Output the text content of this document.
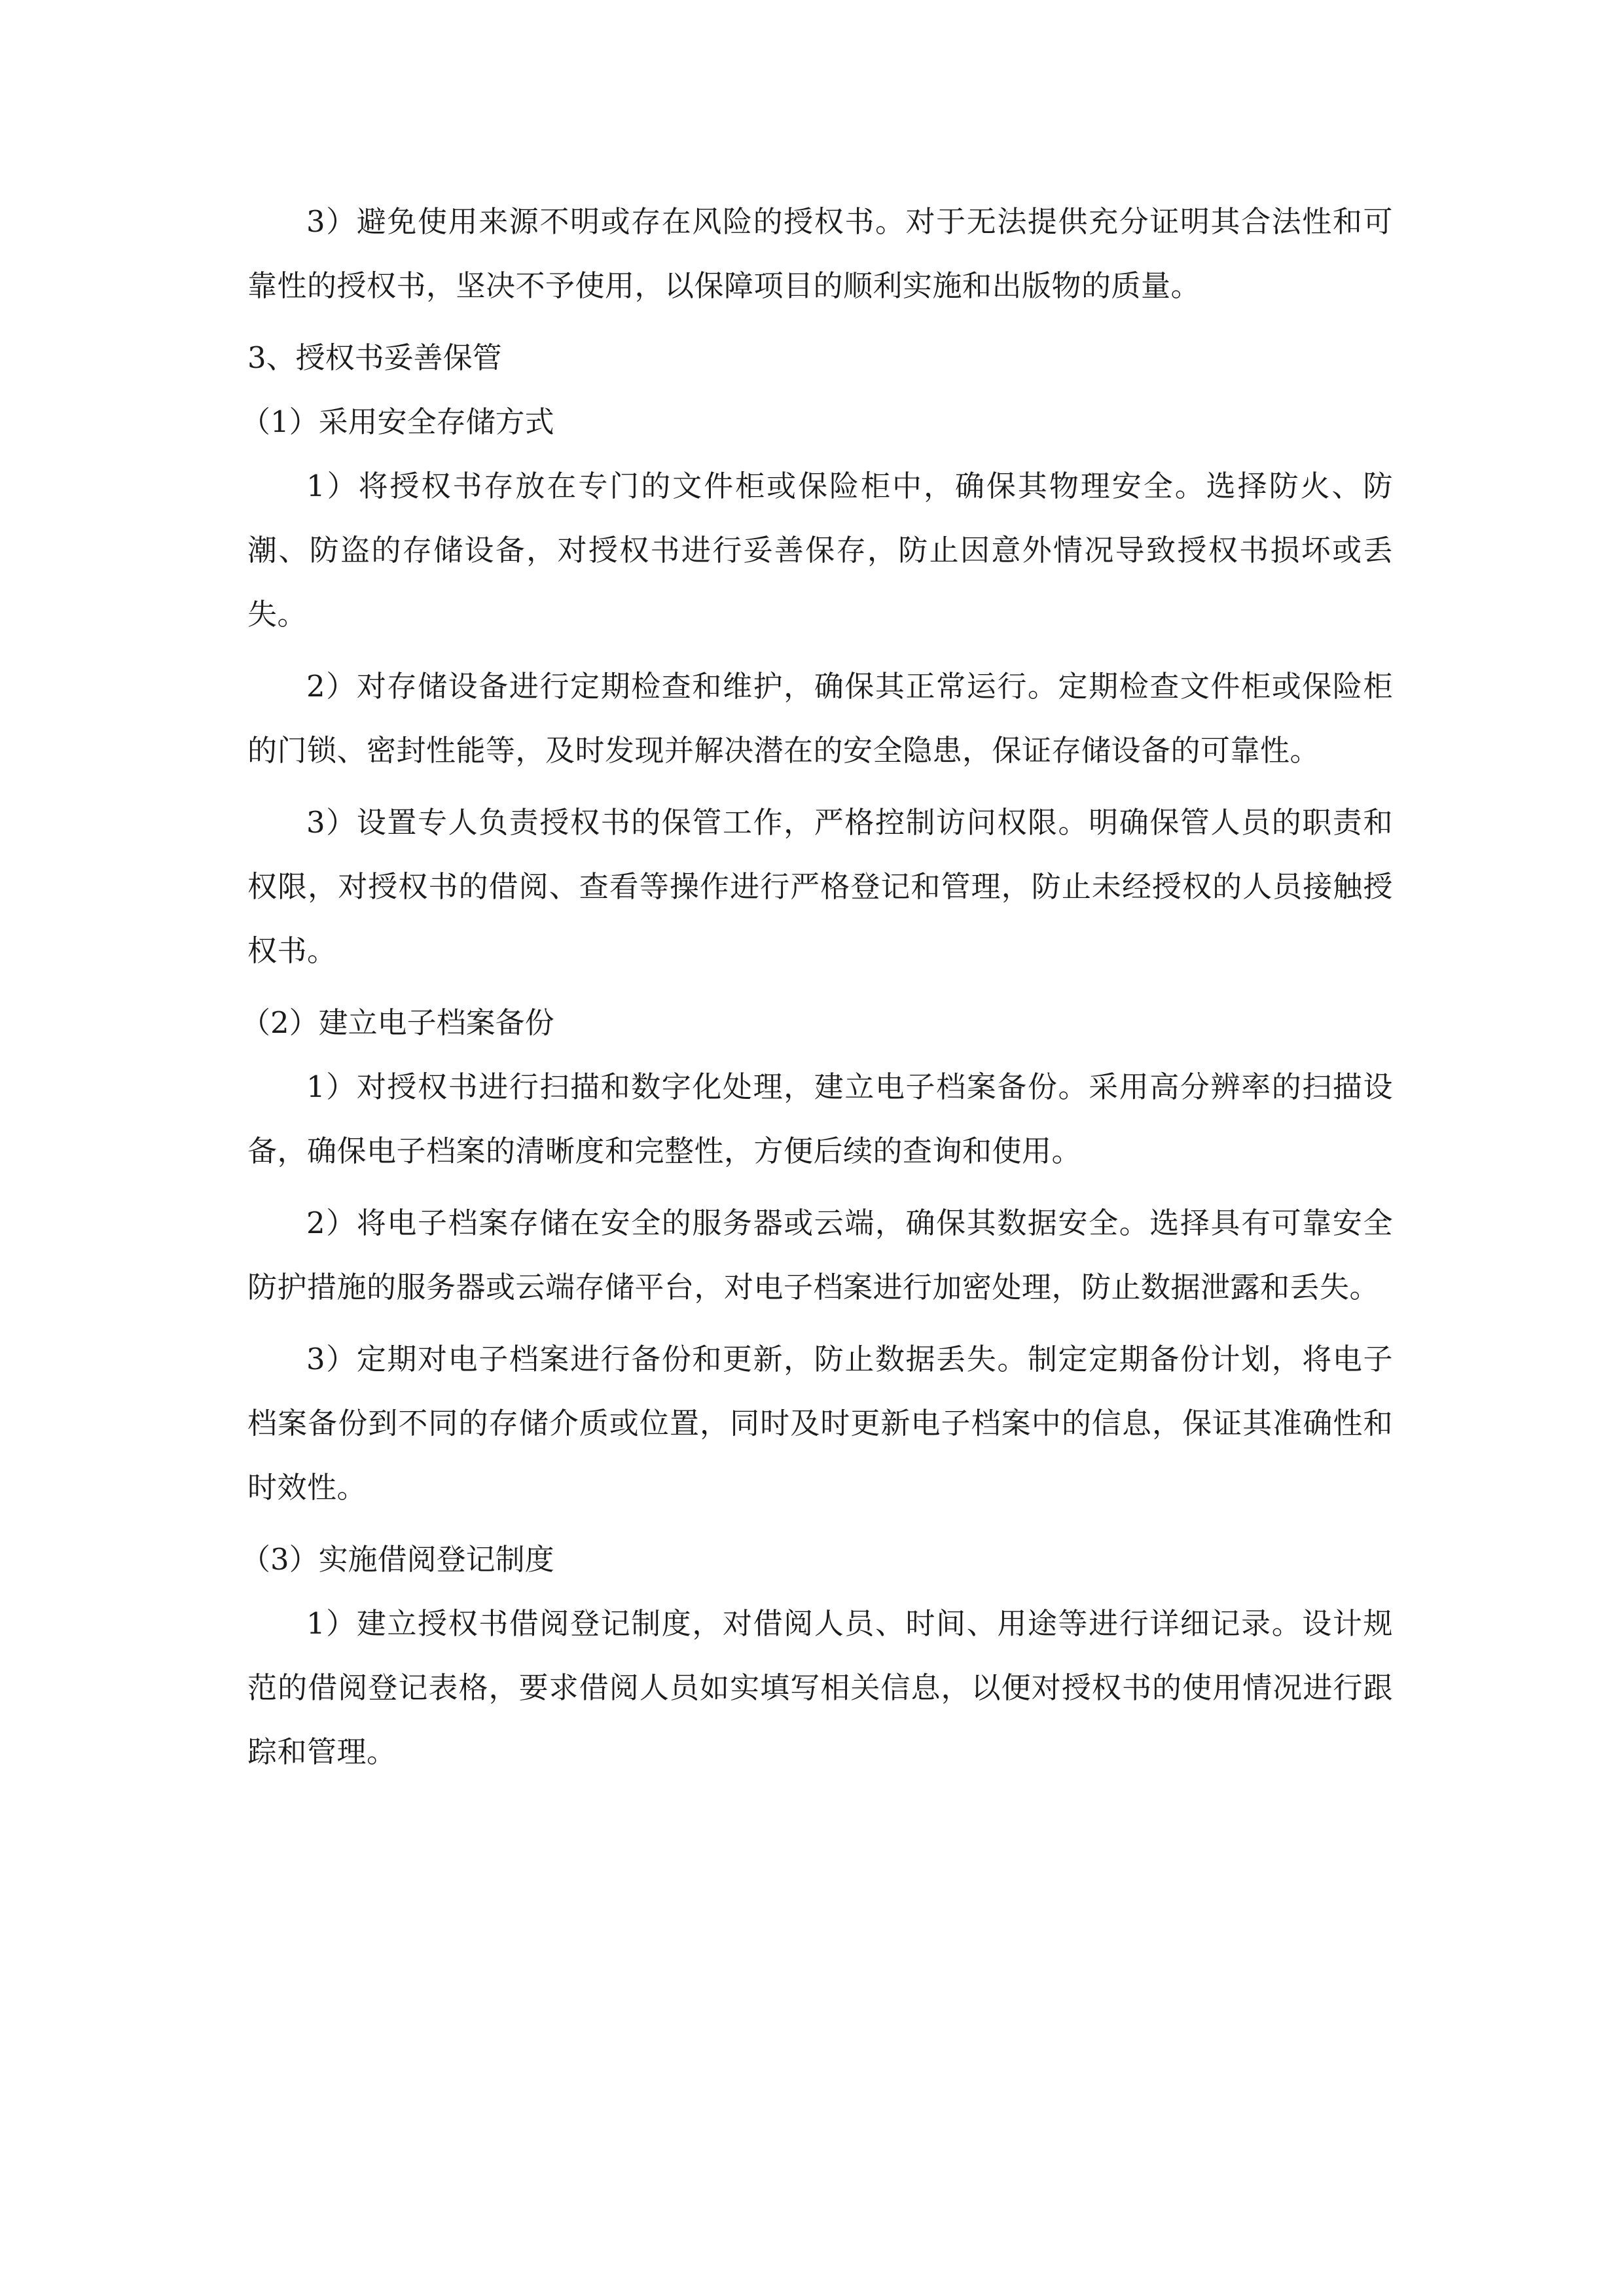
3）避免使用来源不明或存在风险的授权书。对于无法提供充分证明其合法性和可靠性的授权书，坚决不予使用，以保障项目的顺利实施和出版物的质量。

3、授权书妥善保管

（1）采用安全存储方式

1）将授权书存放在专门的文件柜或保险柜中，确保其物理安全。选择防火、防潮、防盗的存储设备，对授权书进行妥善保存，防止因意外情况导致授权书损坏或丢失。

2）对存储设备进行定期检查和维护，确保其正常运行。定期检查文件柜或保险柜的门锁、密封性能等，及时发现并解决潜在的安全隐患，保证存储设备的可靠性。

3）设置专人负责授权书的保管工作，严格控制访问权限。明确保管人员的职责和权限，对授权书的借阅、查看等操作进行严格登记和管理，防止未经授权的人员接触授权书。

（2）建立电子档案备份

1）对授权书进行扫描和数字化处理，建立电子档案备份。采用高分辨率的扫描设备，确保电子档案的清晰度和完整性，方便后续的查询和使用。

2）将电子档案存储在安全的服务器或云端，确保其数据安全。选择具有可靠安全防护措施的服务器或云端存储平台，对电子档案进行加密处理，防止数据泄露和丢失。

3）定期对电子档案进行备份和更新，防止数据丢失。制定定期备份计划，将电子档案备份到不同的存储介质或位置，同时及时更新电子档案中的信息，保证其准确性和时效性。

（3）实施借阅登记制度

1）建立授权书借阅登记制度，对借阅人员、时间、用途等进行详细记录。设计规范的借阅登记表格，要求借阅人员如实填写相关信息，以便对授权书的使用情况进行跟踪和管理。
